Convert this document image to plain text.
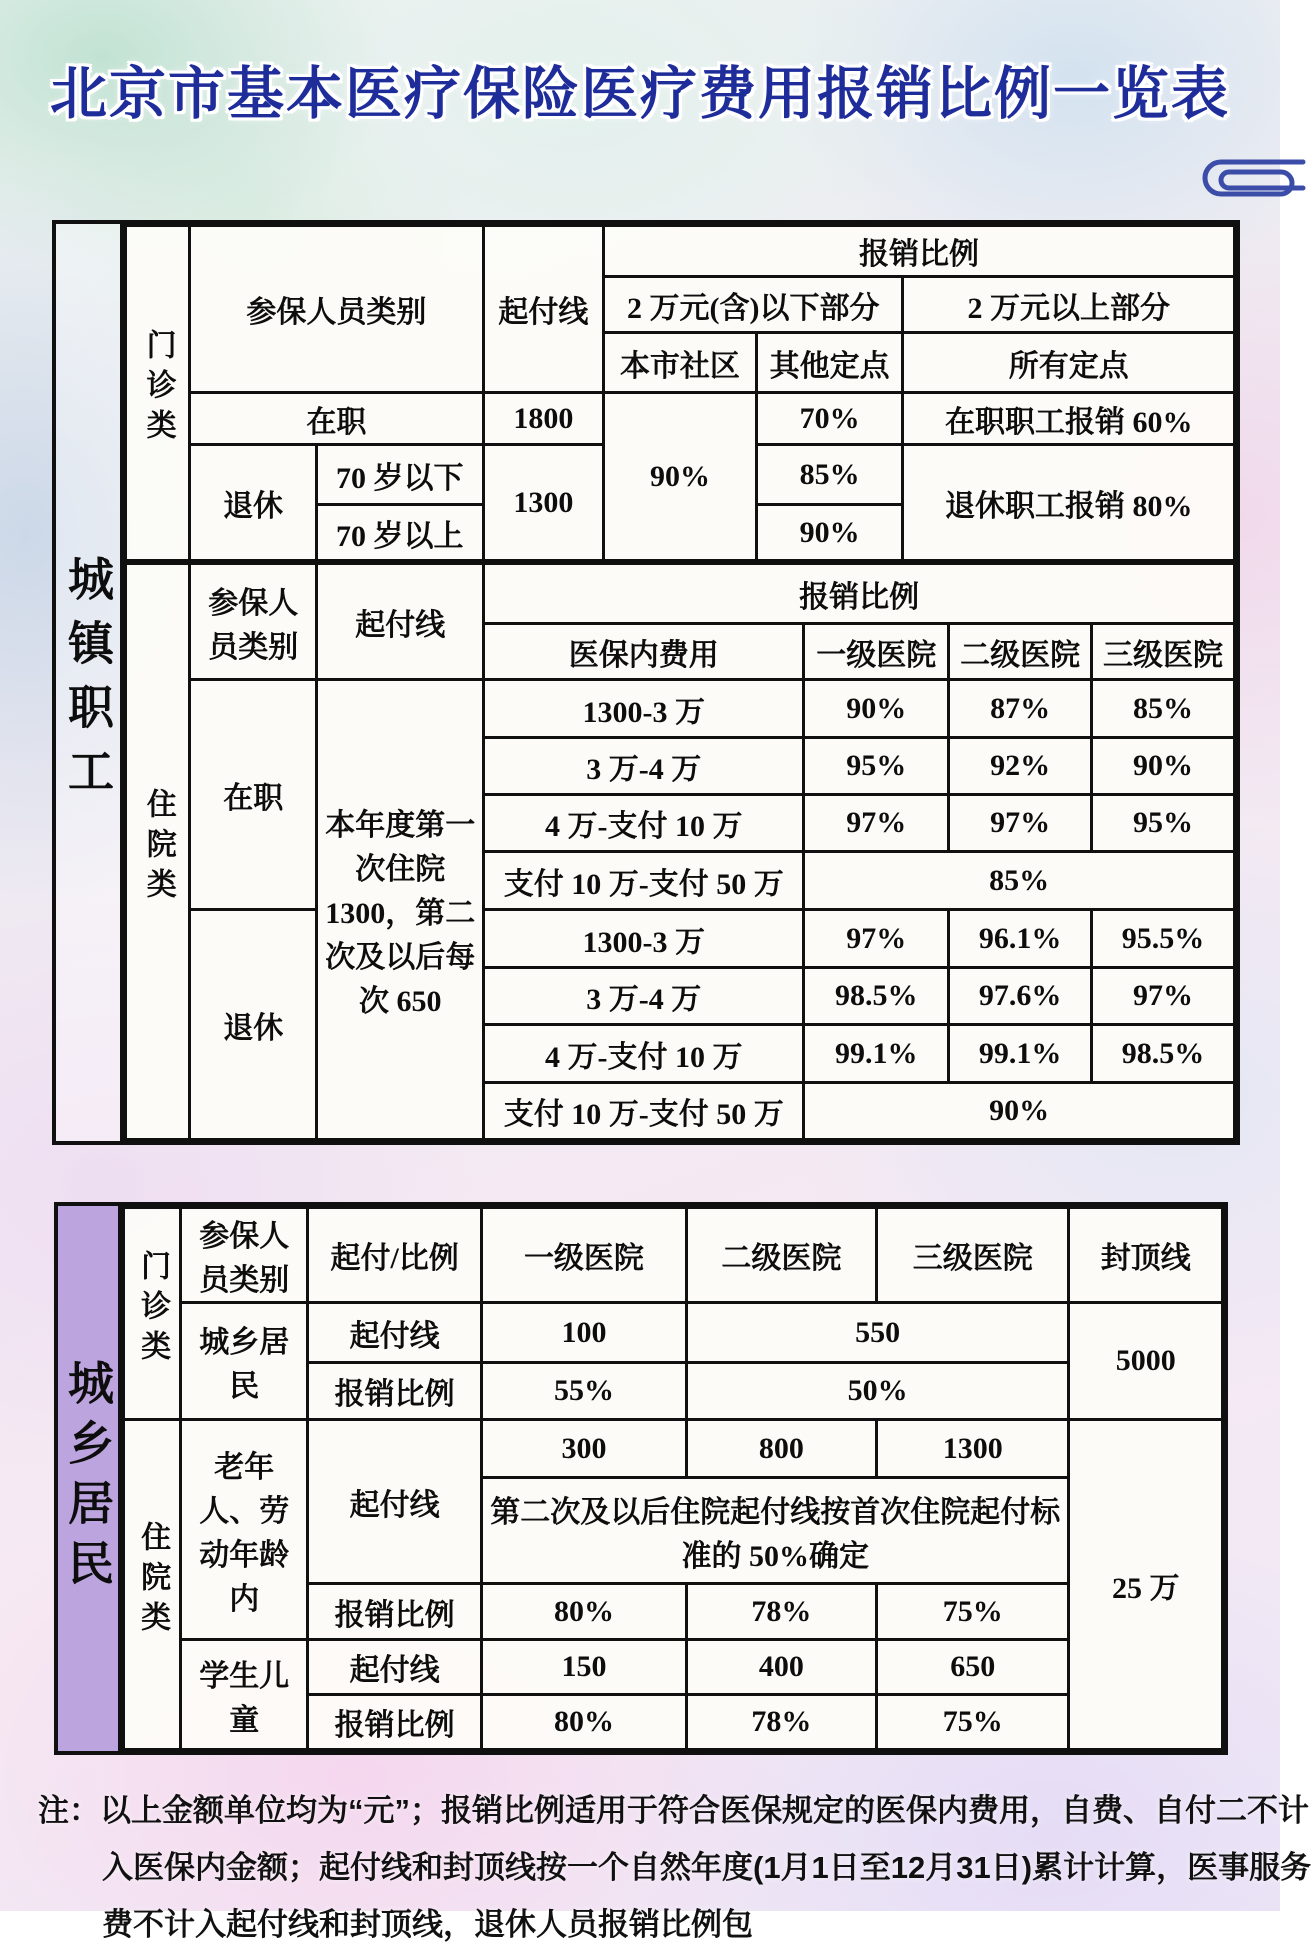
北京市基本医疗保险医疗费用报销比例一览表
城镇职工
门诊类	参保人员类别		起付线	报销比例		
				2 万元(含)以下部分		2 万元以上部分
				本市社区	其他定点	所有定点
	在职		1800	90%	70%	在职职工报销 60%
	退休	70 岁以下	1300		85%	退休职工报销 80%
		70 岁以上			90%	
住院类	参保人员类别	起付线	报销比例			
			医保内费用	一级医院	二级医院	三级医院
	在职	本年度第一次住院 1300，第二次及以后每次 650	1300-3 万	90%	87%	85%
			3 万-4 万	95%	92%	90%
			4 万-支付 10 万	97%	97%	95%
			支付 10 万-支付 50 万	85%		
	退休		1300-3 万	97%	96.1%	95.5%
			3 万-4 万	98.5%	97.6%	97%
			4 万-支付 10 万	99.1%	99.1%	98.5%
			支付 10 万-支付 50 万	90%		
城乡居民
门诊类	参保人员类别	起付/比例	一级医院	二级医院	三级医院	封顶线
	城乡居民	起付线	100	550		5000
		报销比例	55%	50%		
住院类	老年人、劳动年龄内	起付线	300	800	1300	25 万
			第二次及以后住院起付线按首次住院起付标准的 50%确定			
		报销比例	80%	78%	75%	
	学生儿童	起付线	150	400	650	
		报销比例	80%	78%	75%	
注：以上金额单位均为“元”；报销比例适用于符合医保规定的医保内费用，自费、自付二不计入医保内金额；起付线和封顶线按一个自然年度(1月1日至12月31日)累计计算，医事服务费不计入起付线和封顶线，退休人员报销比例包
